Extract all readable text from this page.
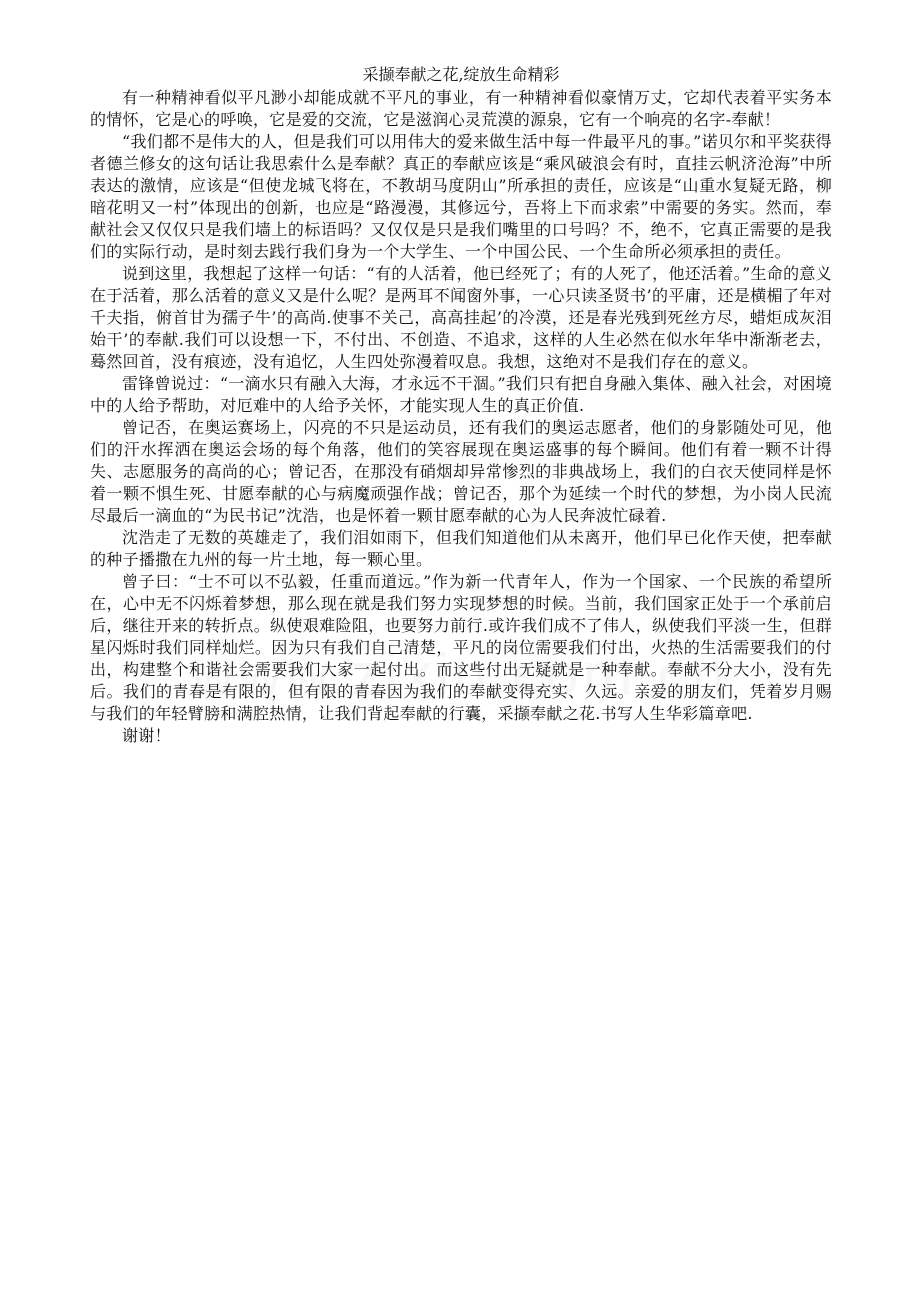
采撷奉献之花,绽放生命精彩

有一种精神看似平凡渺小却能成就不平凡的事业，有一种精神看似豪情万丈，它却代表着平实务本的情怀，它是心的呼唤，它是爱的交流，它是滋润心灵荒漠的源泉，它有一个响亮的名字-奉献！

“我们都不是伟大的人，但是我们可以用伟大的爱来做生活中每一件最平凡的事。”诺贝尔和平奖获得者德兰修女的这句话让我思索什么是奉献？真正的奉献应该是“乘风破浪会有时，直挂云帆济沧海”中所表达的激情，应该是“但使龙城飞将在，不教胡马度阴山”所承担的责任，应该是“山重水复疑无路，柳暗花明又一村”体现出的创新，也应是“路漫漫，其修远兮，吾将上下而求索”中需要的务实。然而，奉献社会又仅仅只是我们墙上的标语吗？又仅仅是只是我们嘴里的口号吗？不，绝不，它真正需要的是我们的实际行动，是时刻去践行我们身为一个大学生、一个中国公民、一个生命所必须承担的责任。

说到这里，我想起了这样一句话：“有的人活着，他已经死了；有的人死了，他还活着。”生命的意义在于活着，那么活着的意义又是什么呢？是两耳不闻窗外事，一心只读圣贤书’的平庸，还是横楣了年对千夫指，俯首甘为孺子牛’的高尚.使事不关己，高高挂起’的冷漠，还是春光残到死丝方尽，蜡炬成灰泪始干’的奉献.我们可以设想一下，不付出、不创造、不追求，这样的人生必然在似水年华中渐渐老去，蓦然回首，没有痕迹，没有追忆，人生四处弥漫着叹息。我想，这绝对不是我们存在的意义。

雷锋曾说过：“一滴水只有融入大海，才永远不干涸。”我们只有把自身融入集体、融入社会，对困境中的人给予帮助，对厄难中的人给予关怀，才能实现人生的真正价值.

曾记否，在奥运赛场上，闪亮的不只是运动员，还有我们的奥运志愿者，他们的身影随处可见，他们的汗水挥洒在奥运会场的每个角落，他们的笑容展现在奥运盛事的每个瞬间。他们有着一颗不计得失、志愿服务的高尚的心；曾记否，在那没有硝烟却异常惨烈的非典战场上，我们的白衣天使同样是怀着一颗不惧生死、甘愿奉献的心与病魔顽强作战；曾记否，那个为延续一个时代的梦想，为小岗人民流尽最后一滴血的“为民书记”沈浩，也是怀着一颗甘愿奉献的心为人民奔波忙碌着.

沈浩走了无数的英雄走了，我们泪如雨下，但我们知道他们从未离开，他们早已化作天使，把奉献的种子播撒在九州的每一片土地，每一颗心里。

曾子曰：“士不可以不弘毅，任重而道远。”作为新一代青年人，作为一个国家、一个民族的希望所在，心中无不闪烁着梦想，那么现在就是我们努力实现梦想的时候。当前，我们国家正处于一个承前启后，继往开来的转折点。纵使艰难险阻，也要努力前行.或许我们成不了伟人，纵使我们平淡一生，但群星闪烁时我们同样灿烂。因为只有我们自己清楚，平凡的岗位需要我们付出，火热的生活需要我们的付出，构建整个和谐社会需要我们大家一起付出。而这些付出无疑就是一种奉献。奉献不分大小，没有先后。我们的青春是有限的，但有限的青春因为我们的奉献变得充实、久远。亲爱的朋友们，凭着岁月赐与我们的年轻臂膀和满腔热情，让我们背起奉献的行囊，采撷奉献之花.书写人生华彩篇章吧.

谢谢！
